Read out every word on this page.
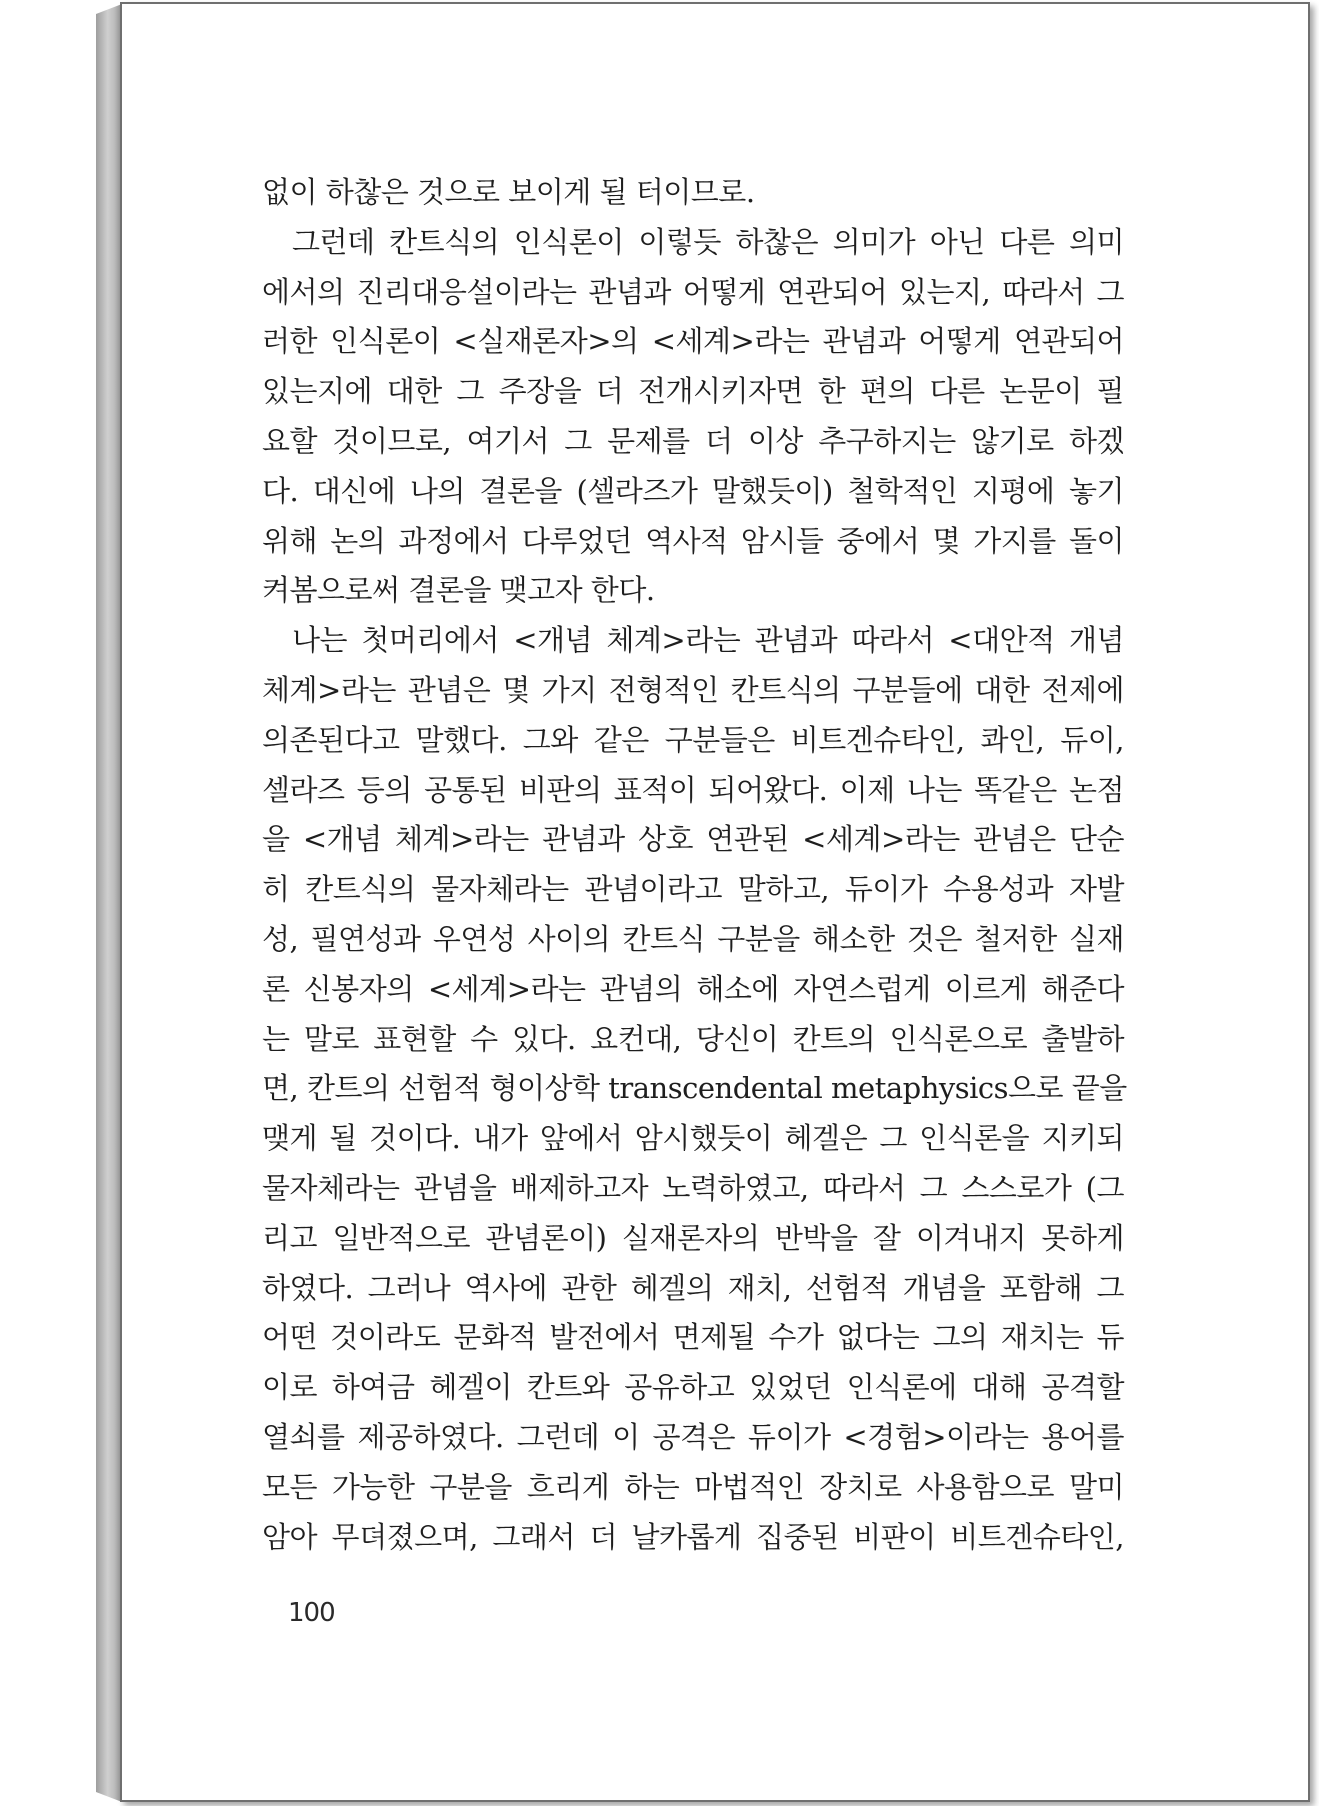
없이 하찮은 것으로 보이게 될 터이므로.
그런데 칸트식의 인식론이 이렇듯 하찮은 의미가 아닌 다른 의미
에서의 진리대응설이라는 관념과 어떻게 연관되어 있는지, 따라서 그
러한 인식론이 <실재론자>의 <세계>라는 관념과 어떻게 연관되어
있는지에 대한 그 주장을 더 전개시키자면 한 편의 다른 논문이 필
요할 것이므로, 여기서 그 문제를 더 이상 추구하지는 않기로 하겠
다. 대신에 나의 결론을 (셀라즈가 말했듯이) 철학적인 지평에 놓기
위해 논의 과정에서 다루었던 역사적 암시들 중에서 몇 가지를 돌이
켜봄으로써 결론을 맺고자 한다.
나는 첫머리에서 <개념 체계>라는 관념과 따라서 <대안적 개념
체계>라는 관념은 몇 가지 전형적인 칸트식의 구분들에 대한 전제에
의존된다고 말했다. 그와 같은 구분들은 비트겐슈타인, 콰인, 듀이,
셀라즈 등의 공통된 비판의 표적이 되어왔다. 이제 나는 똑같은 논점
을 <개념 체계>라는 관념과 상호 연관된 <세계>라는 관념은 단순
히 칸트식의 물자체라는 관념이라고 말하고, 듀이가 수용성과 자발
성, 필연성과 우연성 사이의 칸트식 구분을 해소한 것은 철저한 실재
론 신봉자의 <세계>라는 관념의 해소에 자연스럽게 이르게 해준다
는 말로 표현할 수 있다. 요컨대, 당신이 칸트의 인식론으로 출발하
면, 칸트의 선험적 형이상학 transcendental metaphysics으로 끝을
맺게 될 것이다. 내가 앞에서 암시했듯이 헤겔은 그 인식론을 지키되
물자체라는 관념을 배제하고자 노력하였고, 따라서 그 스스로가 (그
리고 일반적으로 관념론이) 실재론자의 반박을 잘 이겨내지 못하게
하였다. 그러나 역사에 관한 헤겔의 재치, 선험적 개념을 포함해 그
어떤 것이라도 문화적 발전에서 면제될 수가 없다는 그의 재치는 듀
이로 하여금 헤겔이 칸트와 공유하고 있었던 인식론에 대해 공격할
열쇠를 제공하였다. 그런데 이 공격은 듀이가 <경험>이라는 용어를
모든 가능한 구분을 흐리게 하는 마법적인 장치로 사용함으로 말미
암아 무뎌졌으며, 그래서 더 날카롭게 집중된 비판이 비트겐슈타인,
100
